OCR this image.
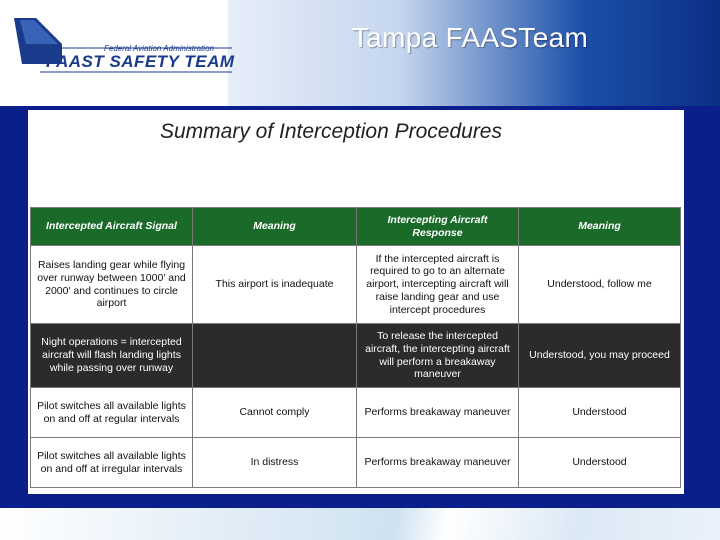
Federal Aviation Administration
FAAST SAFETY TEAM
Tampa FAASTeam
Summary of Interception Procedures
Intercepted Aircraft Signal	Meaning	Intercepting Aircraft Response	Meaning
Raises landing gear while flying over runway between 1000' and 2000' and continues to circle airport	This airport is inadequate	If the intercepted aircraft is required to go to an alternate airport, intercepting aircraft will raise landing gear and use intercept procedures	Understood, follow me
Night operations = intercepted aircraft will flash landing lights while passing over runway		To release the intercepted aircraft, the intercepting aircraft will perform a breakaway maneuver	Understood, you may proceed
Pilot switches all available lights on and off at regular intervals	Cannot comply	Performs breakaway maneuver	Understood
Pilot switches all available lights on and off at irregular intervals	In distress	Performs breakaway maneuver	Understood
